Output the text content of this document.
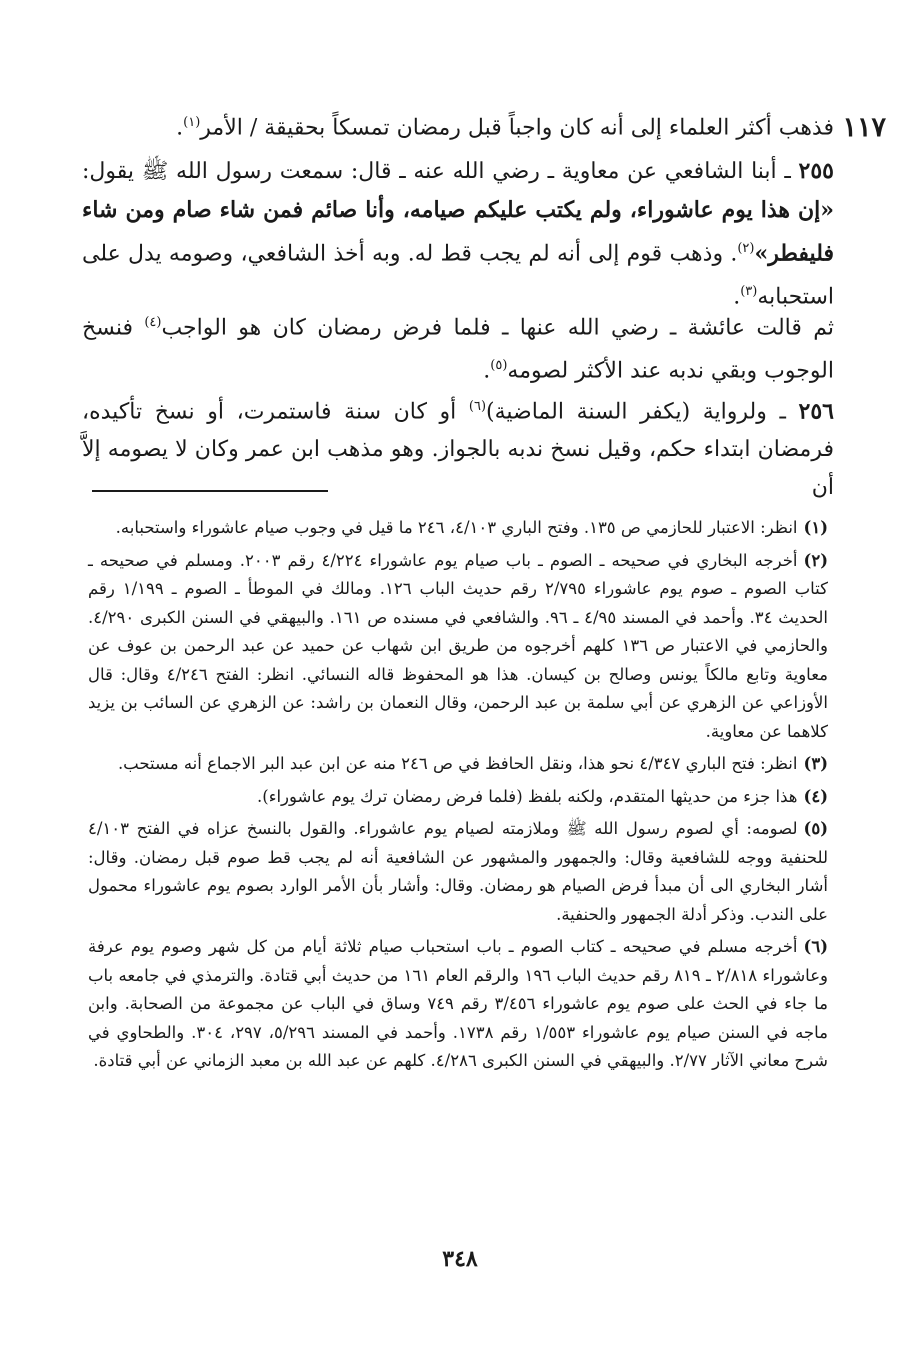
١١٧

فذهب أكثر العلماء إلى أنه كان واجباً قبل رمضان تمسكاً بحقيقة / الأمر$^{(١)}$.

٢٥٥ ـ أبنا الشافعي عن معاوية ـ رضي الله عنه ـ قال: سمعت رسول الله ﷺ يقول: «إن هذا يوم عاشوراء، ولم يكتب عليكم صيامه، وأنا صائم فمن شاء صام ومن شاء فليفطر»$^{(٢)}$. وذهب قوم إلى أنه لم يجب قط له. وبه أخذ الشافعي، وصومه يدل على استحبابه$^{(٣)}$.

ثم قالت عائشة ـ رضي الله عنها ـ فلما فرض رمضان كان هو الواجب$^{(٤)}$ فنسخ الوجوب وبقي ندبه عند الأكثر لصومه$^{(٥)}$.

٢٥٦ ـ ولرواية (يكفر السنة الماضية)$^{(٦)}$ أو كان سنة فاستمرت، أو نسخ تأكيده، فرمضان ابتداء حكم، وقيل نسخ ندبه بالجواز. وهو مذهب ابن عمر وكان لا يصومه إلاَّ أن

(١)انظر: الاعتبار للحازمي ص ١٣٥. وفتح الباري ٤/١٠٣، ٢٤٦ ما قيل في وجوب صيام عاشوراء واستحبابه.

(٢)أخرجه البخاري في صحيحه ـ الصوم ـ باب صيام يوم عاشوراء ٤/٢٢٤ رقم ٢٠٠٣. ومسلم في صحيحه ـ كتاب الصوم ـ صوم يوم عاشوراء ٢/٧٩٥ رقم حديث الباب ١٢٦. ومالك في الموطأ ـ الصوم ـ ١/١٩٩ رقم الحديث ٣٤. وأحمد في المسند ٤/٩٥ ـ ٩٦. والشافعي في مسنده ص ١٦١. والبيهقي في السنن الكبرى ٤/٢٩٠. والحازمي في الاعتبار ص ١٣٦ كلهم أخرجوه من طريق ابن شهاب عن حميد عن عبد الرحمن بن عوف عن معاوية وتابع مالكاً يونس وصالح بن كيسان. هذا هو المحفوظ قاله النسائي. انظر: الفتح ٤/٢٤٦ وقال: قال الأوزاعي عن الزهري عن أبي سلمة بن عبد الرحمن، وقال النعمان بن راشد: عن الزهري عن السائب بن يزيد كلاهما عن معاوية.

(٣)انظر: فتح الباري ٤/٣٤٧ نحو هذا، ونقل الحافظ في ص ٢٤٦ منه عن ابن عبد البر الاجماع أنه مستحب.

(٤)هذا جزء من حديثها المتقدم، ولكنه بلفظ (فلما فرض رمضان ترك يوم عاشوراء).

(٥)لصومه: أي لصوم رسول الله ﷺ وملازمته لصيام يوم عاشوراء. والقول بالنسخ عزاه في الفتح ٤/١٠٣ للحنفية ووجه للشافعية وقال: والجمهور والمشهور عن الشافعية أنه لم يجب قط صوم قبل رمضان. وقال: أشار البخاري الى أن مبدأ فرض الصيام هو رمضان. وقال: وأشار بأن الأمر الوارد بصوم يوم عاشوراء محمول على الندب. وذكر أدلة الجمهور والحنفية.

(٦)أخرجه مسلم في صحيحه ـ كتاب الصوم ـ باب استحباب صيام ثلاثة أيام من كل شهر وصوم يوم عرفة وعاشوراء ٢/٨١٨ ـ ٨١٩ رقم حديث الباب ١٩٦ والرقم العام ١٦١ من حديث أبي قتادة. والترمذي في جامعه باب ما جاء في الحث على صوم يوم عاشوراء ٣/٤٥٦ رقم ٧٤٩ وساق في الباب عن مجموعة من الصحابة. وابن ماجه في السنن صيام يوم عاشوراء ١/٥٥٣ رقم ١٧٣٨. وأحمد في المسند ٥/٢٩٦، ٢٩٧، ٣٠٤. والطحاوي في شرح معاني الآثار ٢/٧٧. والبيهقي في السنن الكبرى ٤/٢٨٦. كلهم عن عبد الله بن معبد الزماني عن أبي قتادة.

٣٤٨
